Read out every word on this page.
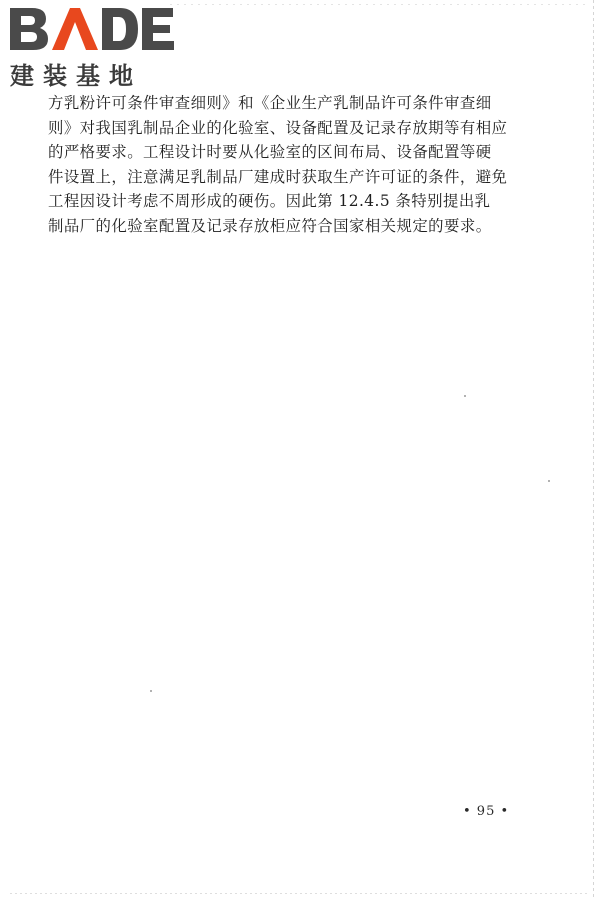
建装基地
方乳粉许可条件审查细则》和《企业生产乳制品许可条件审查细
则》对我国乳制品企业的化验室、设备配置及记录存放期等有相应
的严格要求。工程设计时要从化验室的区间布局、设备配置等硬
件设置上，注意满足乳制品厂建成时获取生产许可证的条件，避免
工程因设计考虑不周形成的硬伤。因此第 12.4.5 条特别提出乳
制品厂的化验室配置及记录存放柜应符合国家相关规定的要求。
• 95 •
